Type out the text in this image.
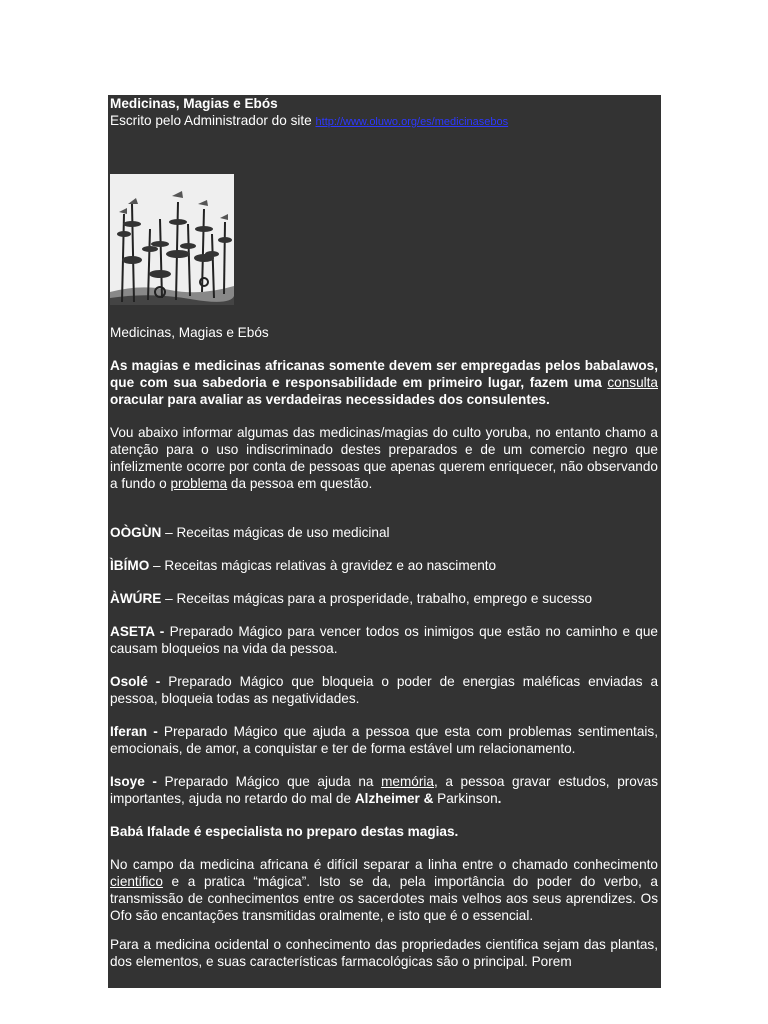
Medicinas, Magias e Ebós

Escrito pelo Administrador do site http://www.oluwo.org/es/medicinasebos

Medicinas, Magias e Ebós

As magias e medicinas africanas somente devem ser empregadas pelos babalawos, que com sua sabedoria e responsabilidade em primeiro lugar, fazem uma consulta oracular para avaliar as verdadeiras necessidades dos consulentes.

Vou abaixo informar algumas das medicinas/magias do culto yoruba, no entanto chamo a atenção para o uso indiscriminado destes preparados e de um comercio negro que infelizmente ocorre por conta de pessoas que apenas querem enriquecer, não observando a fundo o problema da pessoa em questão.

OÒGÙN – Receitas mágicas de uso medicinal

ÌBÍMO – Receitas mágicas relativas à gravidez e ao nascimento

ÀWÚRE – Receitas mágicas para a prosperidade, trabalho, emprego e sucesso

ASETA - Preparado Mágico para vencer todos os inimigos que estão no caminho e que causam bloqueios na vida da pessoa.

Osolé - Preparado Mágico que bloqueia o poder de energias maléficas enviadas a pessoa, bloqueia todas as negatividades.

Iferan - Preparado Mágico que ajuda a pessoa que esta com problemas sentimentais, emocionais, de amor, a conquistar e ter de forma estável um relacionamento.

Isoye - Preparado Mágico que ajuda na memória, a pessoa gravar estudos, provas importantes, ajuda no retardo do mal de Alzheimer & Parkinson.

Babá Ifalade é especialista no preparo destas magias.

No campo da medicina africana é difícil separar a linha entre o chamado conhecimento cientifico e a pratica “mágica”. Isto se da, pela importância do poder do verbo, a transmissão de conhecimentos entre os sacerdotes mais velhos aos seus aprendizes. Os Ofo são encantações transmitidas oralmente, e isto que é o essencial.

Para a medicina ocidental o conhecimento das propriedades cientifica sejam das plantas, dos elementos, e suas características farmacológicas são o principal. Porem
